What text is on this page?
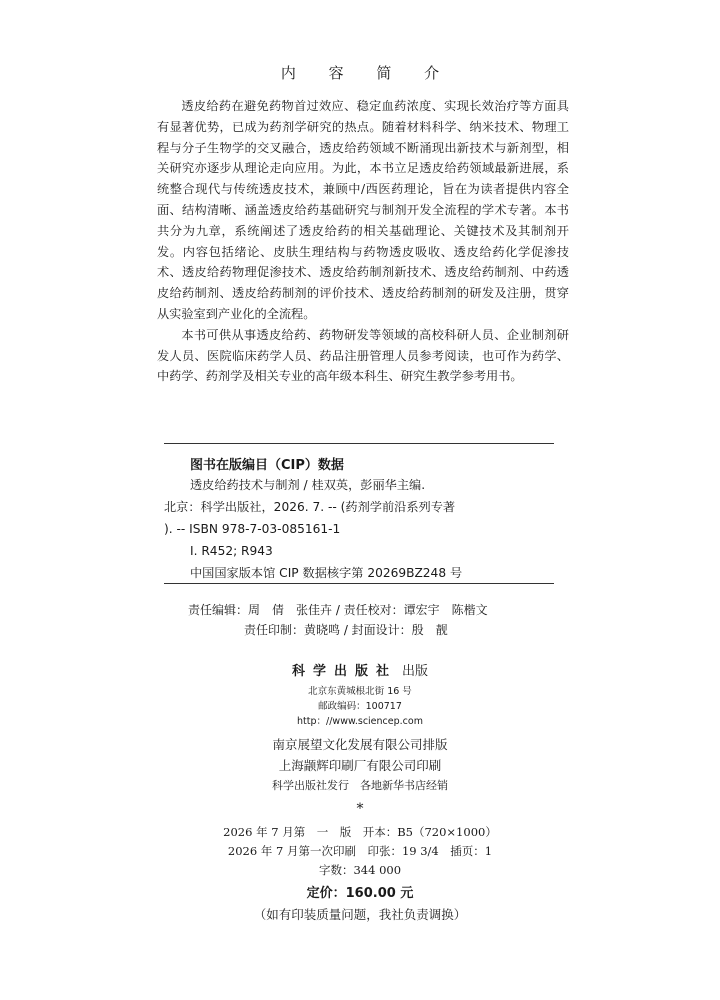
内 容 简 介

透皮给药在避免药物首过效应、稳定血药浓度、实现长效治疗等方面具有显著优势，已成为药剂学研究的热点。随着材料科学、纳米技术、物理工程与分子生物学的交叉融合，透皮给药领域不断涌现出新技术与新剂型，相关研究亦逐步从理论走向应用。为此，本书立足透皮给药领域最新进展，系统整合现代与传统透皮技术，兼顾中/西医药理论，旨在为读者提供内容全面、结构清晰、涵盖透皮给药基础研究与制剂开发全流程的学术专著。本书共分为九章，系统阐述了透皮给药的相关基础理论、关键技术及其制剂开发。内容包括绪论、皮肤生理结构与药物透皮吸收、透皮给药化学促渗技术、透皮给药物理促渗技术、透皮给药制剂新技术、透皮给药制剂、中药透皮给药制剂、透皮给药制剂的评价技术、透皮给药制剂的研发及注册，贯穿从实验室到产业化的全流程。

本书可供从事透皮给药、药物研发等领域的高校科研人员、企业制剂研发人员、医院临床药学人员、药品注册管理人员参考阅读，也可作为药学、中药学、药剂学及相关专业的高年级本科生、研究生教学参考用书。

图书在版编目（CIP）数据
透皮给药技术与制剂 / 桂双英，彭丽华主编.
北京：科学出版社，2026. 7. -- (药剂学前沿系列专著
). -- ISBN 978-7-03-085161-1
Ⅰ. R452; R943
中国国家版本馆 CIP 数据核字第 20269BZ248 号
责任编辑：周　倩　张佳卉 / 责任校对：谭宏宇　陈楷文
责任印制：黄晓鸣 / 封面设计：殷　靓
科学出版社 出版
北京东黄城根北街 16 号
邮政编码：100717
http：//www.sciencep.com
南京展望文化发展有限公司排版
上海颛辉印刷厂有限公司印刷
科学出版社发行　各地新华书店经销
*
2026 年 7 月第　一　版　开本：B5（720×1000）
2026 年 7 月第一次印刷　印张：19 3/4　插页：1
字数：344 000
定价：160.00 元
（如有印装质量问题，我社负责调换）
